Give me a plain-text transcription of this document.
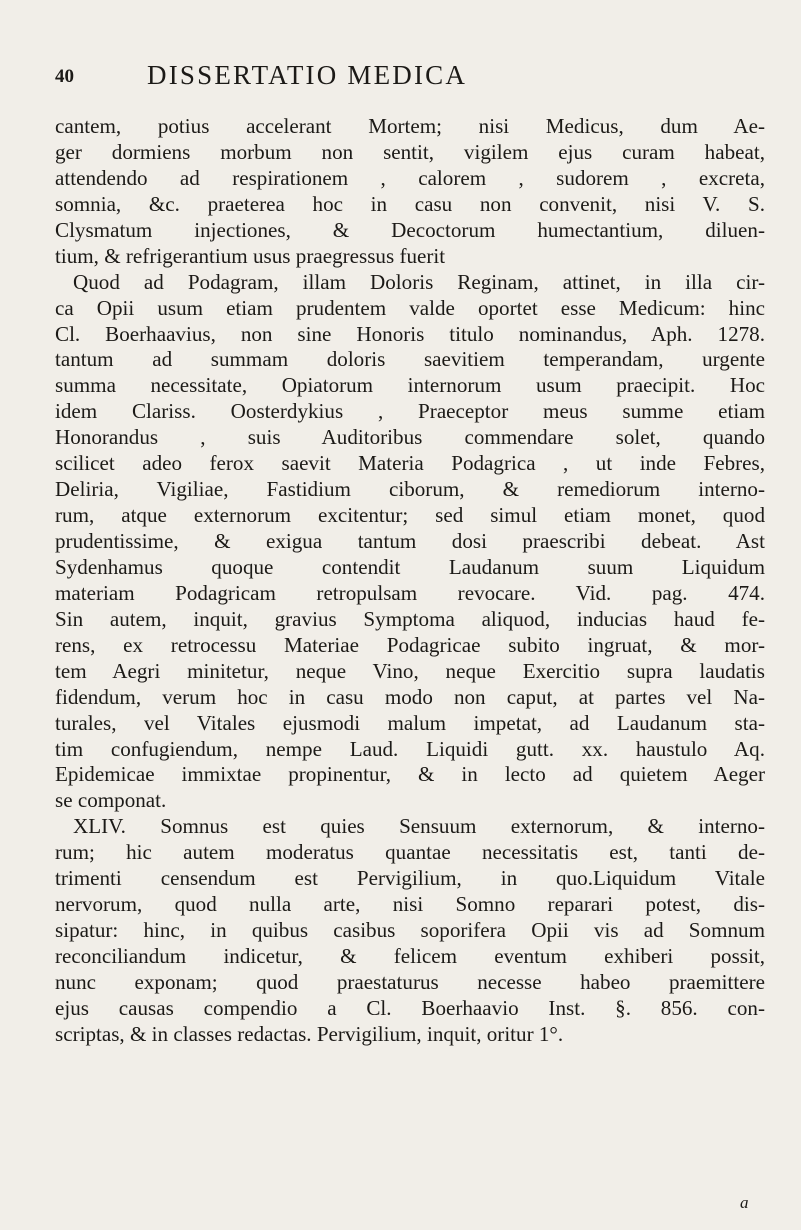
40	DISSERTATIO MEDICA
cantem, potius accelerant Mortem; nisi Medicus, dum Ae-
ger dormiens morbum non sentit, vigilem ejus curam habeat,
attendendo ad respirationem , calorem , sudorem , excreta,
somnia, &c. praeterea hoc in casu non convenit, nisi V. S.
Clysmatum injectiones, & Decoctorum humectantium, diluen-
tium, & refrigerantium usus praegressus fuerit
Quod ad Podagram, illam Doloris Reginam, attinet, in illa cir-
ca Opii usum etiam prudentem valde oportet esse Medicum: hinc
Cl. Boerhaavius, non sine Honoris titulo nominandus, Aph. 1278.
tantum ad summam doloris saevitiem temperandam, urgente
summa necessitate, Opiatorum internorum usum praecipit. Hoc
idem Clariss. Oosterdykius , Praeceptor meus summe etiam
Honorandus , suis Auditoribus commendare solet, quando
scilicet adeo ferox saevit Materia Podagrica , ut inde Febres,
Deliria, Vigiliae, Fastidium ciborum, & remediorum interno-
rum, atque externorum excitentur; sed simul etiam monet, quod
prudentissime, & exigua tantum dosi praescribi debeat. Ast
Sydenhamus quoque contendit Laudanum suum Liquidum
materiam Podagricam retropulsam revocare. Vid. pag. 474.
Sin autem, inquit, gravius Symptoma aliquod, inducias haud fe-
rens, ex retrocessu Materiae Podagricae subito ingruat, & mor-
tem Aegri minitetur, neque Vino, neque Exercitio supra laudatis
fidendum, verum hoc in casu modo non caput, at partes vel Na-
turales, vel Vitales ejusmodi malum impetat, ad Laudanum sta-
tim confugiendum, nempe Laud. Liquidi gutt. xx. haustulo Aq.
Epidemicae immixtae propinentur, & in lecto ad quietem Aeger
se componat.
XLIV. Somnus est quies Sensuum externorum, & interno-
rum; hic autem moderatus quantae necessitatis est, tanti de-
trimenti censendum est Pervigilium, in quo.Liquidum Vitale
nervorum, quod nulla arte, nisi Somno reparari potest, dis-
sipatur: hinc, in quibus casibus soporifera Opii vis ad Somnum
reconciliandum indicetur, & felicem eventum exhiberi possit,
nunc exponam; quod praestaturus necesse habeo praemittere
ejus causas compendio a Cl. Boerhaavio Inst. §. 856. con-
scriptas, & in classes redactas. Pervigilium, inquit, oritur 1°.
a
